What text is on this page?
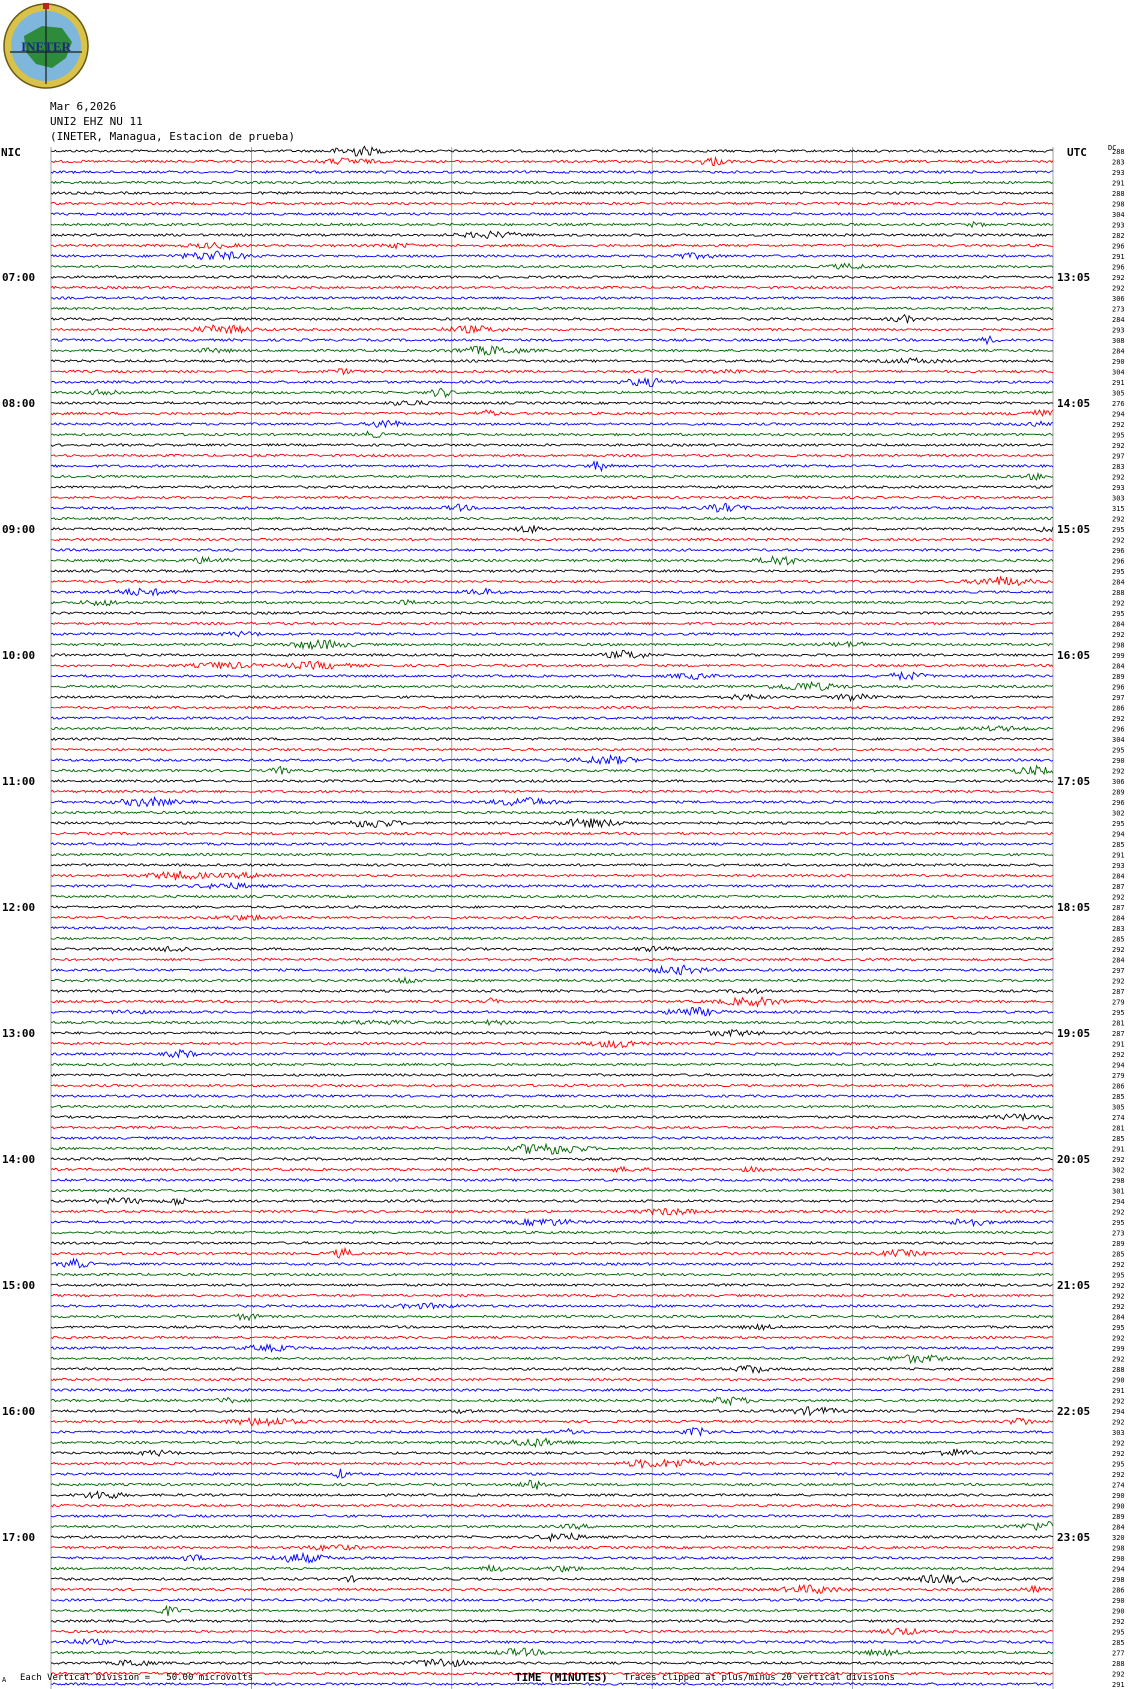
07:00
08:00
09:00
10:00
11:00
12:00
13:00
14:00
15:00
16:00
17:00
13:05
14:05
15:05
16:05
17:05
18:05
19:05
20:05
21:05
22:05
23:05
288
283
293
291
288
298
304
293
282
296
291
296
292
292
306
273
284
293
308
284
290
304
291
305
276
294
292
295
292
297
283
292
293
303
315
292
295
292
296
296
295
284
288
292
295
284
292
298
299
284
289
296
297
286
292
296
304
295
290
292
306
289
296
302
295
294
285
291
293
284
287
292
287
284
283
285
292
284
297
292
287
279
295
281
287
291
292
294
279
286
285
305
274
281
285
291
292
302
298
301
294
292
295
273
289
285
292
295
292
292
292
284
295
292
299
292
288
290
291
292
294
292
303
292
292
295
292
274
290
290
289
284
320
298
290
294
298
286
290
290
292
295
285
277
288
292
291
INETER
Mar 6,2026
UNI2 EHZ NU 11
(INETER, Managua, Estacion de prueba)
NIC	UTC	DC
A Each Vertical Division =   50.00 microvolts	TIME (MINUTES) Traces clipped at plus/minus 20 vertical divisions
